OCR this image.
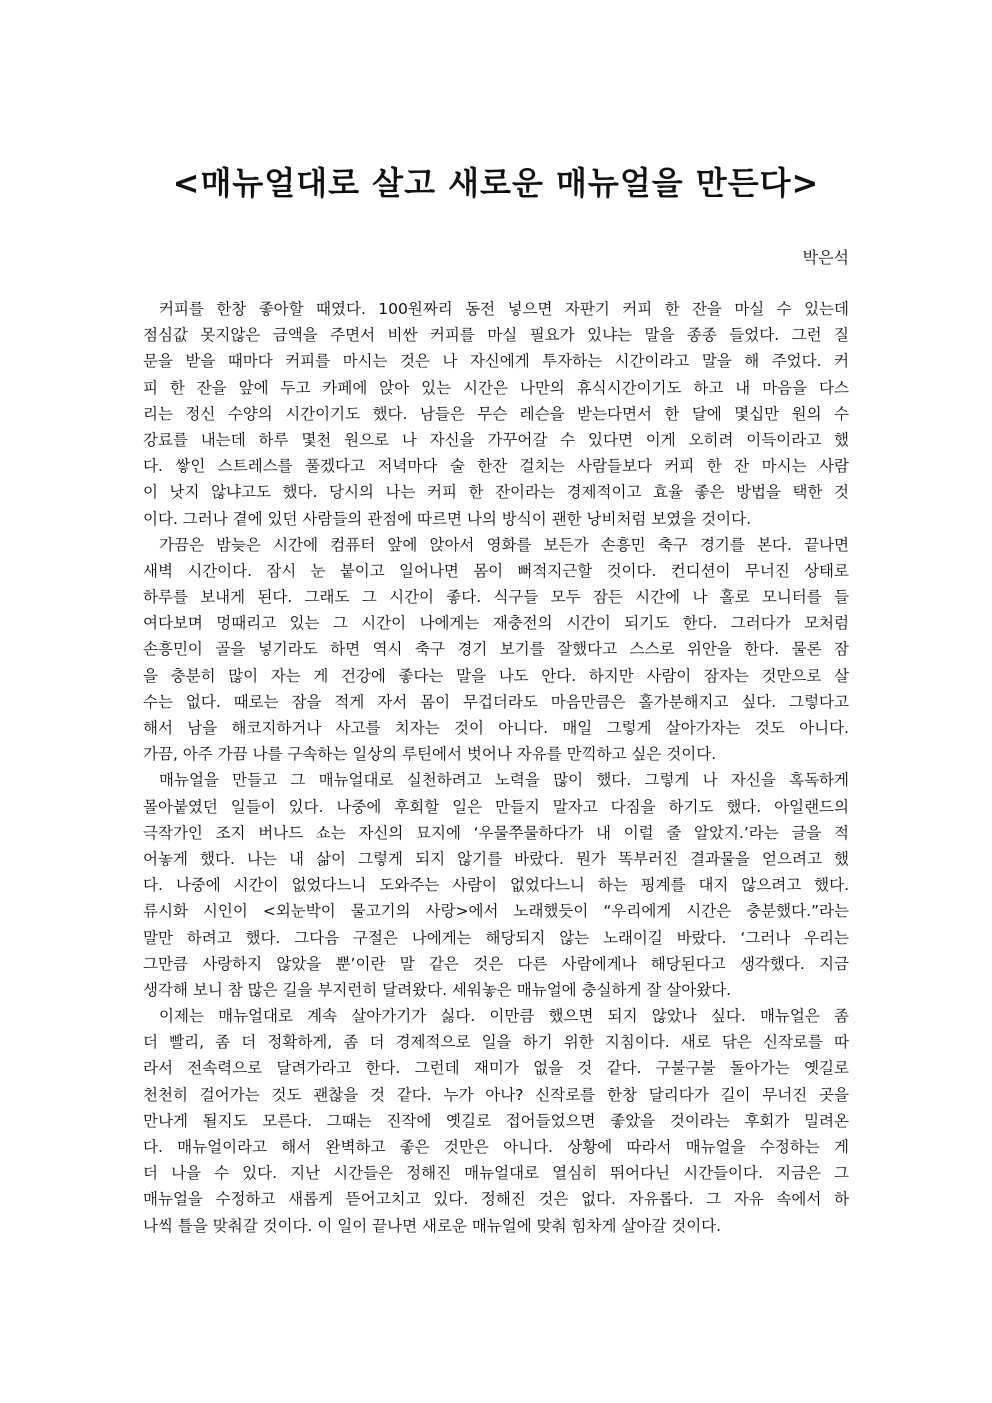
<매뉴얼대로 살고 새로운 매뉴얼을 만든다>

박은석

커피를 한창 좋아할 때였다. 100원짜리 동전 넣으면 자판기 커피 한 잔을 마실 수 있는데
점심값 못지않은 금액을 주면서 비싼 커피를 마실 필요가 있냐는 말을 종종 들었다. 그런 질
문을 받을 때마다 커피를 마시는 것은 나 자신에게 투자하는 시간이라고 말을 해 주었다. 커
피 한 잔을 앞에 두고 카페에 앉아 있는 시간은 나만의 휴식시간이기도 하고 내 마음을 다스
리는 정신 수양의 시간이기도 했다. 남들은 무슨 레슨을 받는다면서 한 달에 몇십만 원의 수
강료를 내는데 하루 몇천 원으로 나 자신을 가꾸어갈 수 있다면 이게 오히려 이득이라고 했
다. 쌓인 스트레스를 풀겠다고 저녁마다 술 한잔 걸치는 사람들보다 커피 한 잔 마시는 사람
이 낫지 않냐고도 했다. 당시의 나는 커피 한 잔이라는 경제적이고 효율 좋은 방법을 택한 것
이다. 그러나 곁에 있던 사람들의 관점에 따르면 나의 방식이 괜한 낭비처럼 보였을 것이다.

가끔은 밤늦은 시간에 컴퓨터 앞에 앉아서 영화를 보든가 손흥민 축구 경기를 본다. 끝나면
새벽 시간이다. 잠시 눈 붙이고 일어나면 몸이 뻐적지근할 것이다. 컨디션이 무너진 상태로
하루를 보내게 된다. 그래도 그 시간이 좋다. 식구들 모두 잠든 시간에 나 홀로 모니터를 들
여다보며 멍때리고 있는 그 시간이 나에게는 재충전의 시간이 되기도 한다. 그러다가 모처럼
손흥민이 골을 넣기라도 하면 역시 축구 경기 보기를 잘했다고 스스로 위안을 한다. 물론 잠
을 충분히 많이 자는 게 건강에 좋다는 말을 나도 안다. 하지만 사람이 잠자는 것만으로 살
수는 없다. 때로는 잠을 적게 자서 몸이 무겁더라도 마음만큼은 홀가분해지고 싶다. 그렇다고
해서 남을 해코지하거나 사고를 치자는 것이 아니다. 매일 그렇게 살아가자는 것도 아니다.
가끔, 아주 가끔 나를 구속하는 일상의 루틴에서 벗어나 자유를 만끽하고 싶은 것이다.

매뉴얼을 만들고 그 매뉴얼대로 실천하려고 노력을 많이 했다. 그렇게 나 자신을 혹독하게
몰아붙였던 일들이 있다. 나중에 후회할 일은 만들지 말자고 다짐을 하기도 했다. 아일랜드의
극작가인 조지 버나드 쇼는 자신의 묘지에 ‘우물쭈물하다가 내 이럴 줄 알았지.’라는 글을 적
어놓게 했다. 나는 내 삶이 그렇게 되지 않기를 바랐다. 뭔가 똑부러진 결과물을 얻으려고 했
다. 나중에 시간이 없었다느니 도와주는 사람이 없었다느니 하는 핑계를 대지 않으려고 했다.
류시화 시인이 <외눈박이 물고기의 사랑>에서 노래했듯이 “우리에게 시간은 충분했다.”라는
말만 하려고 했다. 그다음 구절은 나에게는 해당되지 않는 노래이길 바랐다. ‘그러나 우리는
그만큼 사랑하지 않았을 뿐’이란 말 같은 것은 다른 사람에게나 해당된다고 생각했다. 지금
생각해 보니 참 많은 길을 부지런히 달려왔다. 세워놓은 매뉴얼에 충실하게 잘 살아왔다.

이제는 매뉴얼대로 계속 살아가기가 싫다. 이만큼 했으면 되지 않았나 싶다. 매뉴얼은 좀
더 빨리, 좀 더 정확하게, 좀 더 경제적으로 일을 하기 위한 지침이다. 새로 닦은 신작로를 따
라서 전속력으로 달려가라고 한다. 그런데 재미가 없을 것 같다. 구불구불 돌아가는 옛길로
천천히 걸어가는 것도 괜찮을 것 같다. 누가 아나? 신작로를 한창 달리다가 길이 무너진 곳을
만나게 될지도 모른다. 그때는 진작에 옛길로 접어들었으면 좋았을 것이라는 후회가 밀려온
다. 매뉴얼이라고 해서 완벽하고 좋은 것만은 아니다. 상황에 따라서 매뉴얼을 수정하는 게
더 나을 수 있다. 지난 시간들은 정해진 매뉴얼대로 열심히 뛰어다닌 시간들이다. 지금은 그
매뉴얼을 수정하고 새롭게 뜯어고치고 있다. 정해진 것은 없다. 자유롭다. 그 자유 속에서 하
나씩 틀을 맞춰갈 것이다. 이 일이 끝나면 새로운 매뉴얼에 맞춰 힘차게 살아갈 것이다.
